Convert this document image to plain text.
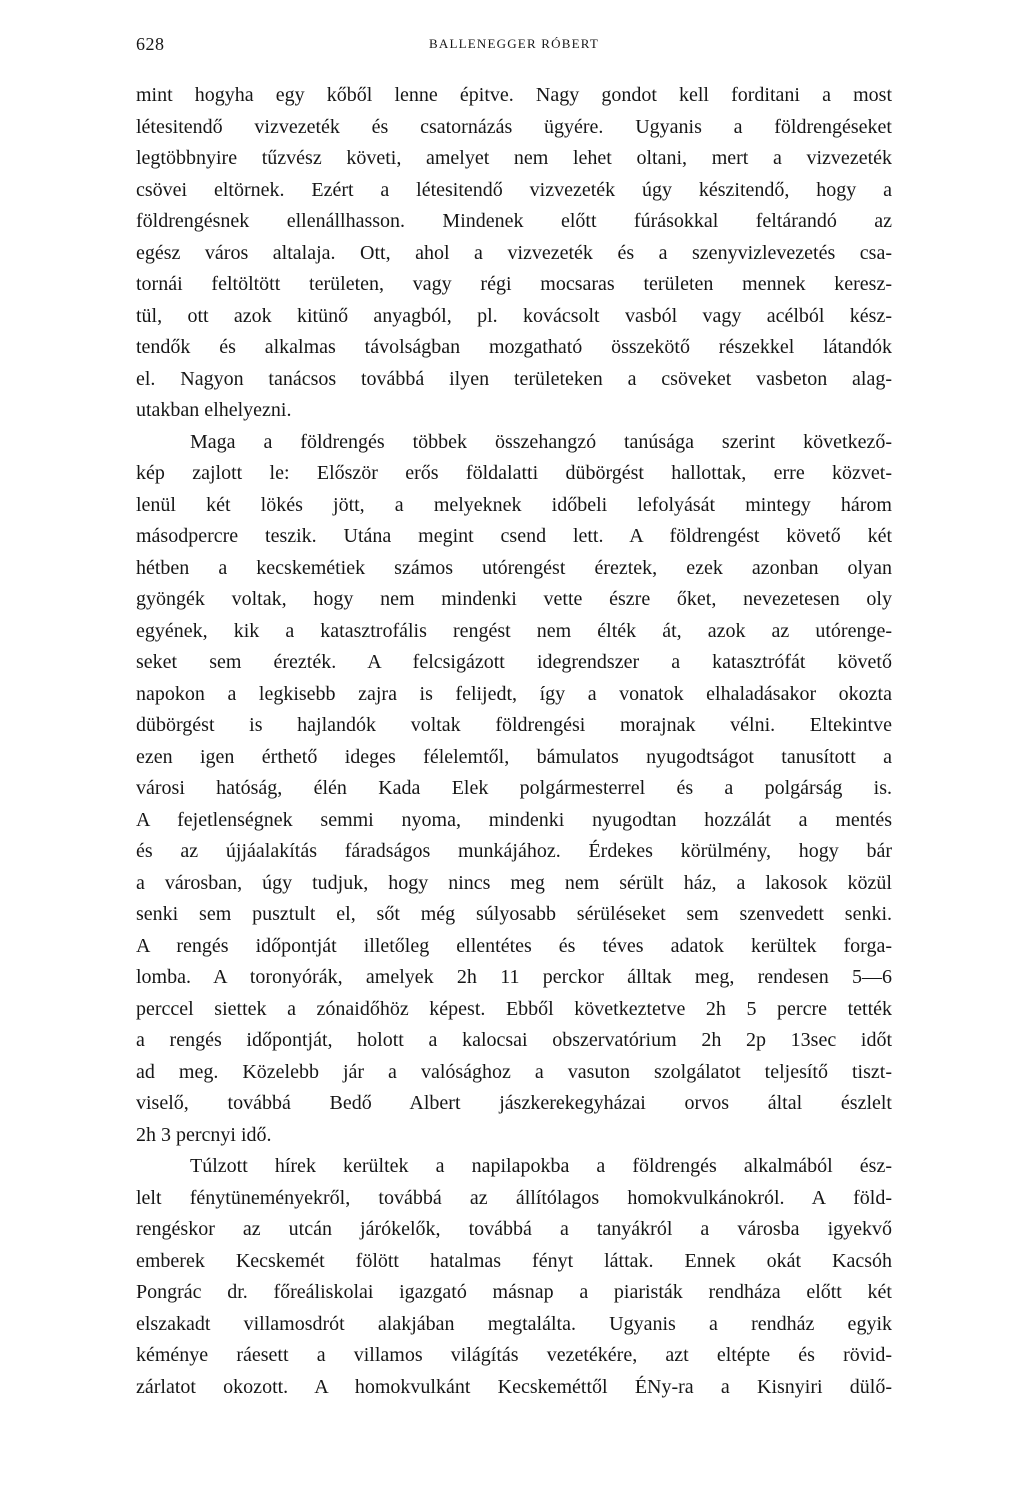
628	BALLENEGGER RÓBERT
mint hogyha egy kőből lenne épitve. Nagy gondot kell forditani a most
létesitendő vizvezeték és csatornázás ügyére. Ugyanis a földrengéseket
legtöbbnyire tűzvész követi, amelyet nem lehet oltani, mert a vizvezeték
csövei eltörnek. Ezért a létesitendő vizvezeték úgy készitendő, hogy a
földrengésnek ellenállhasson. Mindenek előtt fúrásokkal feltárandó az
egész város altalaja. Ott, ahol a vizvezeték és a szenyvizlevezetés csa-
tornái feltöltött területen, vagy régi mocsaras területen mennek keresz-
tül, ott azok kitünő anyagból, pl. kovácsolt vasból vagy acélból kész-
tendők és alkalmas távolságban mozgatható összekötő részekkel látandók
el. Nagyon tanácsos továbbá ilyen területeken a csöveket vasbeton alag-
utakban elhelyezni.
Maga a földrengés többek összehangzó tanúsága szerint következő-
kép zajlott le: Először erős földalatti dübörgést hallottak, erre közvet-
lenül két lökés jött, a melyeknek időbeli lefolyását mintegy három
másodpercre teszik. Utána megint csend lett. A földrengést követő két
hétben a kecskemétiek számos utórengést éreztek, ezek azonban olyan
gyöngék voltak, hogy nem mindenki vette észre őket, nevezetesen oly
egyének, kik a katasztrofális rengést nem élték át, azok az utórenge-
seket sem érezték. A felcsigázott idegrendszer a katasztrófát követő
napokon a legkisebb zajra is felijedt, így a vonatok elhaladásakor okozta
dübörgést is hajlandók voltak földrengési morajnak vélni. Eltekintve
ezen igen érthető ideges félelemtől, bámulatos nyugodtságot tanusított a
városi hatóság, élén Kada Elek polgármesterrel és a polgárság is.
A fejetlenségnek semmi nyoma, mindenki nyugodtan hozzálát a mentés
és az újjáalakítás fáradságos munkájához. Érdekes körülmény, hogy bár
a városban, úgy tudjuk, hogy nincs meg nem sérült ház, a lakosok közül
senki sem pusztult el, sőt még súlyosabb sérüléseket sem szenvedett senki.
A rengés időpontját illetőleg ellentétes és téves adatok kerültek forga-
lomba. A toronyórák, amelyek 2h 11 perckor álltak meg, rendesen 5—6
perccel siettek a zónaidőhöz képest. Ebből következtetve 2h 5 percre tették
a rengés időpontját, holott a kalocsai obszervatórium 2h 2p 13sec időt
ad meg. Közelebb jár a valósághoz a vasuton szolgálatot teljesítő tiszt-
viselő, továbbá Bedő Albert jászkerekegyházai orvos által észlelt
2h 3 percnyi idő.
Túlzott hírek kerültek a napilapokba a földrengés alkalmából ész-
lelt fénytüneményekről, továbbá az állítólagos homokvulkánokról. A föld-
rengéskor az utcán járókelők, továbbá a tanyákról a városba igyekvő
emberek Kecskemét fölött hatalmas fényt láttak. Ennek okát Kacsóh
Pongrác dr. főreáliskolai igazgató másnap a piaristák rendháza előtt két
elszakadt villamosdrót alakjában megtalálta. Ugyanis a rendház egyik
kéménye ráesett a villamos világítás vezetékére, azt eltépte és rövid-
zárlatot okozott. A homokvulkánt Kecskeméttől ÉNy-ra a Kisnyiri dülő-
